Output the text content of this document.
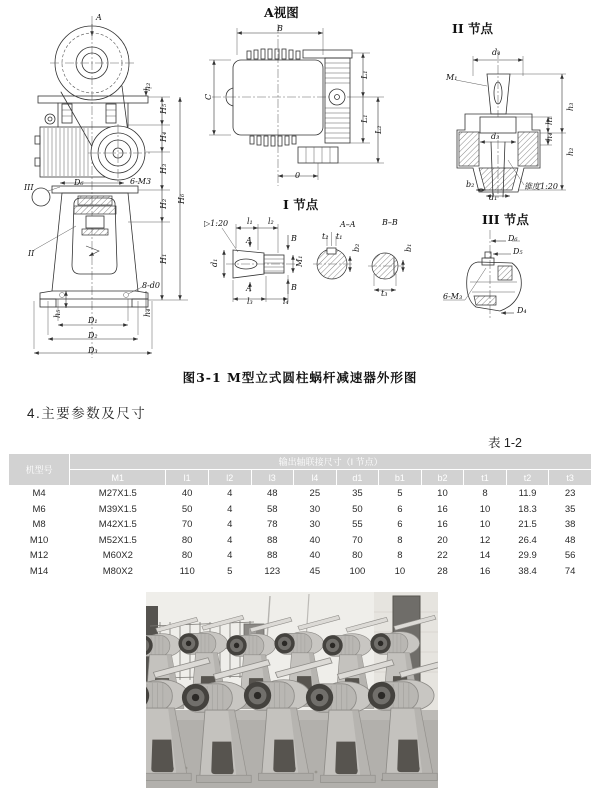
A
h₂
H₅
H₄
H₃
H₂ H₆
H₁
D₆	6-M3
III
II
8-d0
h₅	h₄
D₁
D₂
D₃
A视图
B
C
L₁
L₁
L₂
0
I 节点
▷1:20 l₁ l₂
A	B
d₁	M₁
A	B
l₃	l₄
A–A
t₂ t₁
b₂
B–B
b₁
t₃
II 节点
d₄
M₁
h₃
h₁
h₄
h₂
d₃
b₂
d₁
锥度1:20
III 节点
D₆
D₅
6-M₃
D₄
图3-1 M型立式圆柱蜗杆减速器外形图
4.主要参数及尺寸
表 1-2
机型号	输出轴联接尺寸（I 节点）										
	M1	l1	l2	l3	l4	d1	b1	b2	t1	t2	t3
M4	M27X1.5	40	4	48	25	35	5	10	8	11.9	23
M6	M39X1.5	50	4	58	30	50	6	16	10	18.3	35
M8	M42X1.5	70	4	78	30	55	6	16	10	21.5	38
M10	M52X1.5	80	4	88	40	70	8	20	12	26.4	48
M12	M60X2	80	4	88	40	80	8	22	14	29.9	56
M14	M80X2	110	5	123	45	100	10	28	16	38.4	74
